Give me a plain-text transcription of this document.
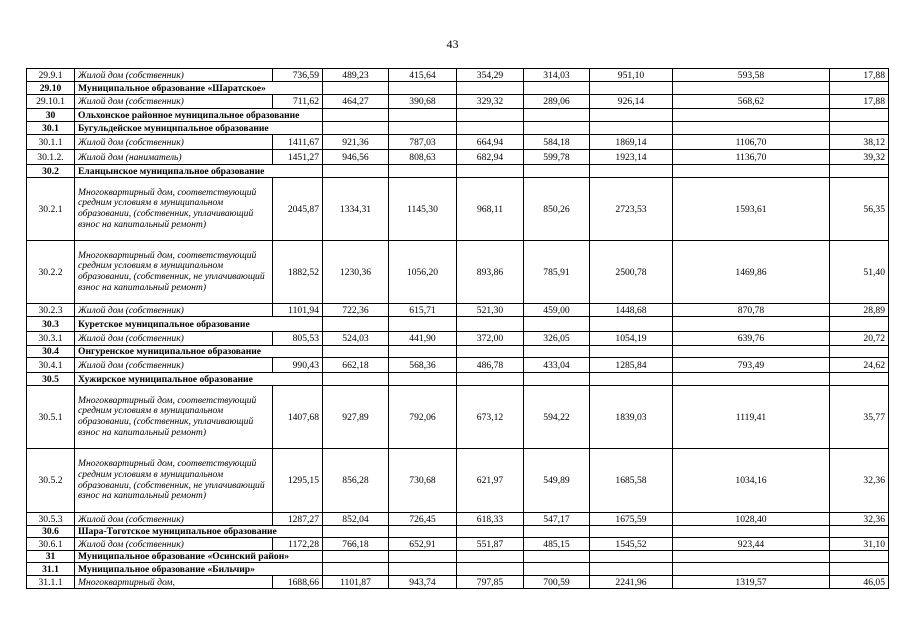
43
29.9.1	Жилой дом (собственник)	736,59	489,23	415,64	354,29	314,03	951,10	593,58	17,88
29.10	Муниципальное образование «Шаратское»								
29.10.1	Жилой дом (собственник)	711,62	464,27	390,68	329,32	289,06	926,14	568,62	17,88
30	Ольхонское районное муниципальное образование								
30.1	Бугульдейское муниципальное образование								
30.1.1	Жилой дом (собственник)	1411,67	921,36	787,03	664,94	584,18	1869,14	1106,70	38,12
30.1.2.	Жилой дом (наниматель)	1451,27	946,56	808,63	682,94	599,78	1923,14	1136,70	39,32
30.2	Еланцынское муниципальное образование								
30.2.1	Многоквартирный дом, соответствующий средним условиям в муниципальном образовании, (собственник, уплачивающий взнос на капитальный ремонт)	2045,87	1334,31	1145,30	968,11	850,26	2723,53	1593,61	56,35
30.2.2	Многоквартирный дом, соответствующий средним условиям в муниципальном образовании, (собственник, не уплачивающий взнос на капитальный ремонт)	1882,52	1230,36	1056,20	893,86	785,91	2500,78	1469,86	51,40
30.2.3	Жилой дом (собственник)	1101,94	722,36	615,71	521,30	459,00	1448,68	870,78	28,89
30.3	Куретское муниципальное образование								
30.3.1	Жилой дом (собственник)	805,53	524,03	441,90	372,00	326,05	1054,19	639,76	20,72
30.4	Онгуренское муниципальное образование								
30.4.1	Жилой дом (собственник)	990,43	662,18	568,36	486,78	433,04	1285,84	793,49	24,62
30.5	Хужирское муниципальное образование								
30.5.1	Многоквартирный дом, соответствующий средним условиям в муниципальном образовании, (собственник, уплачивающий взнос на капитальный ремонт)	1407,68	927,89	792,06	673,12	594,22	1839,03	1119,41	35,77
30.5.2	Многоквартирный дом, соответствующий средним условиям в муниципальном образовании, (собственник, не уплачивающий взнос на капитальный ремонт)	1295,15	856,28	730,68	621,97	549,89	1685,58	1034,16	32,36
30.5.3	Жилой дом (собственник)	1287,27	852,04	726,45	618,33	547,17	1675,59	1028,40	32,36
30.6	Шара-Тоготское муниципальное образование								
30.6.1	Жилой дом (собственник)	1172,28	766,18	652,91	551,87	485,15	1545,52	923,44	31,10
31	Муниципальное образование «Осинский район»								
31.1	Муниципальное образование «Бильчир»								
31.1.1	Многоквартирный дом,	1688,66	1101,87	943,74	797,85	700,59	2241,96	1319,57	46,05
